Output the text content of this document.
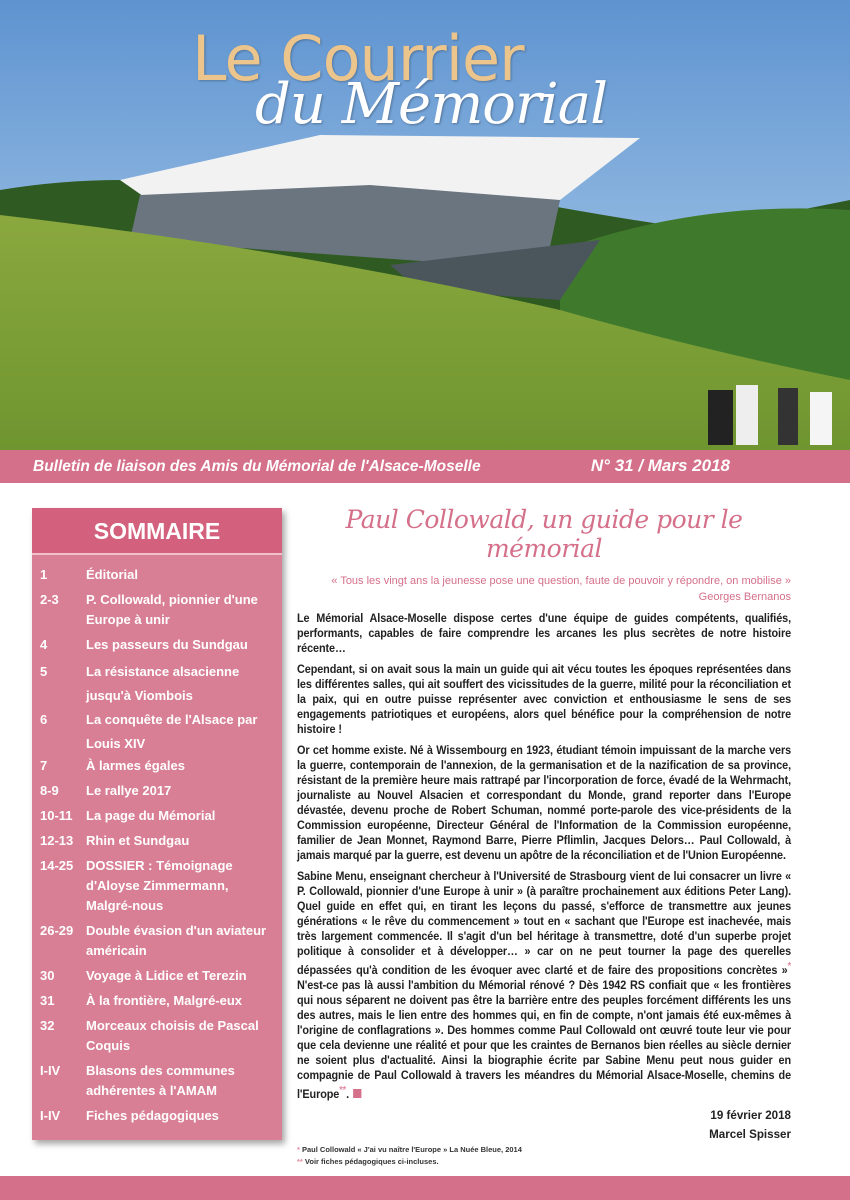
Le Courrier
du Mémorial
Bulletin de liaison des Amis du Mémorial de l'Alsace-Moselle	N° 31 / Mars 2018
SOMMAIRE
1	Éditorial
2-3	P. Collowald, pionnier d'une Europe à unir
4	Les passeurs du Sundgau
5	La résistance alsacienne jusqu'à Viombois
6	La conquête de l'Alsace par Louis XIV
7	À larmes égales
8-9	Le rallye 2017
10-11	La page du Mémorial
12-13 Rhin et Sundgau
14-25 DOSSIER : Témoignage d'Aloyse Zimmermann, Malgré-nous
26-29 Double évasion d'un aviateur américain
30	Voyage à Lidice et Terezin
31	À la frontière, Malgré-eux
32	Morceaux choisis de Pascal Coquis
I-IV	Blasons des communes adhérentes à l'AMAM
I-IV	Fiches pédagogiques
Paul Collowald, un guide pour le mémorial
« Tous les vingt ans la jeunesse pose une question, faute de pouvoir y répondre, on mobilise »
Georges Bernanos

Le Mémorial Alsace-Moselle dispose certes d'une équipe de guides compétents, qualifiés, performants, capables de faire comprendre les arcanes les plus secrètes de notre histoire récente…

Cependant, si on avait sous la main un guide qui ait vécu toutes les époques représentées dans les différentes salles, qui ait souffert des vicissitudes de la guerre, milité pour la réconciliation et la paix, qui en outre puisse représenter avec conviction et enthousiasme le sens de ses engagements patriotiques et européens, alors quel bénéfice pour la compréhension de notre histoire !

Or cet homme existe. Né à Wissembourg en 1923, étudiant témoin impuissant de la marche vers la guerre, contemporain de l'annexion, de la germanisation et de la nazification de sa province, résistant de la première heure mais rattrapé par l'incorporation de force, évadé de la Wehrmacht, journaliste au Nouvel Alsacien et correspondant du Monde, grand reporter dans l'Europe dévastée, devenu proche de Robert Schuman, nommé porte-parole des vice-présidents de la Commission européenne, Directeur Général de l'Information de la Commission européenne, familier de Jean Monnet, Raymond Barre, Pierre Pflimlin, Jacques Delors… Paul Collowald, à jamais marqué par la guerre, est devenu un apôtre de la réconciliation et de l'Union Européenne.

Sabine Menu, enseignant chercheur à l'Université de Strasbourg vient de lui consacrer un livre « P. Collowald, pionnier d'une Europe à unir » (à paraître prochainement aux éditions Peter Lang). Quel guide en effet qui, en tirant les leçons du passé, s'efforce de transmettre aux jeunes générations « le rêve du commencement » tout en « sachant que l'Europe est inachevée, mais très largement commencée. Il s'agit d'un bel héritage à transmettre, doté d'un superbe projet politique à consolider et à développer… » car on ne peut tourner la page des querelles dépassées qu'à condition de les évoquer avec clarté et de faire des propositions concrètes »* N'est-ce pas là aussi l'ambition du Mémorial rénové ? Dès 1942 RS confiait que « les frontières qui nous séparent ne doivent pas être la barrière entre des peuples forcément différents les uns des autres, mais le lien entre des hommes qui, en fin de compte, n'ont jamais été eux-mêmes à l'origine de conflagrations ». Des hommes comme Paul Collowald ont œuvré toute leur vie pour que cela devienne une réalité et pour que les craintes de Bernanos bien réelles au siècle dernier ne soient plus d'actualité. Ainsi la biographie écrite par Sabine Menu peut nous guider en compagnie de Paul Collowald à travers les méandres du Mémorial Alsace-Moselle, chemins de l'Europe**.

19 février 2018
Marcel Spisser
* Paul Collowald « J'ai vu naître l'Europe » La Nuée Bleue, 2014
** Voir fiches pédagogiques ci-incluses.
